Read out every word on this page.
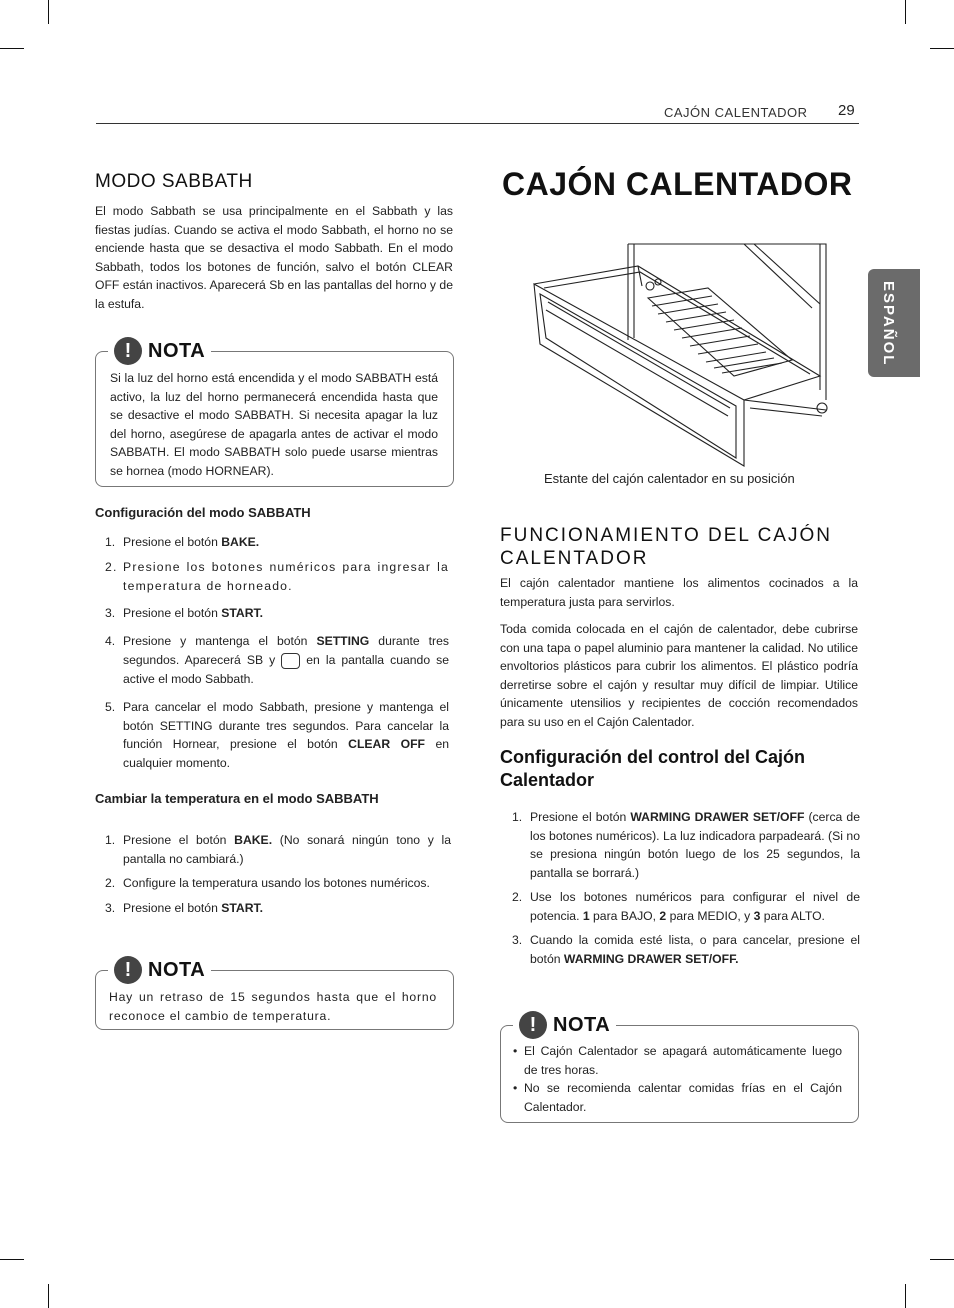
CAJÓN CALENTADOR 29
ESPAÑOL
MODO SABBATH
El modo Sabbath se usa principalmente en el Sabbath y las fiestas judías. Cuando se activa el modo Sabbath, el horno no se enciende hasta que se desactiva el modo Sabbath. En el modo Sabbath, todos los botones de función, salvo el botón CLEAR OFF están inactivos. Aparecerá Sb en las pantallas del horno y de la estufa.
! NOTA
Si la luz del horno está encendida y el modo SABBATH está activo, la luz del horno permanecerá encendida hasta que se desactive el modo SABBATH. Si necesita apagar la luz del horno, asegúrese de apagarla antes de activar el modo SABBATH. El modo SABBATH solo puede usarse mientras se hornea (modo HORNEAR).
Configuración del modo SABBATH
1. Presione el botón BAKE.
2. Presione los botones numéricos para ingresar la temperatura de horneado.
3. Presione el botón START.
4. Presione y mantenga el botón SETTING durante tres segundos. Aparecerá SB y	en la pantalla cuando se active el modo Sabbath.
5. Para cancelar el modo Sabbath, presione y mantenga el botón SETTING durante tres segundos. Para cancelar la función Hornear, presione el botón CLEAR OFF en cualquier momento.
Cambiar la temperatura en el modo SABBATH
1. Presione el botón BAKE. (No sonará ningún tono y la pantalla no cambiará.)
2. Configure la temperatura usando los botones numéricos.
3. Presione el botón START.
! NOTA
Hay un retraso de 15 segundos hasta que el horno reconoce el cambio de temperatura.
CAJÓN CALENTADOR
Estante del cajón calentador en su posición
FUNCIONAMIENTO DEL CAJÓN CALENTADOR
El cajón calentador mantiene los alimentos cocinados a la temperatura justa para servirlos.
Toda comida colocada en el cajón de calentador, debe cubrirse con una tapa o papel aluminio para mantener la calidad. No utilice envoltorios plásticos para cubrir los alimentos. El plástico podría derretirse sobre el cajón y resultar muy difícil de limpiar. Utilice únicamente utensilios y recipientes de cocción recomendados para su uso en el Cajón Calentador.
Configuración del control del Cajón Calentador
1. Presione el botón WARMING DRAWER SET/OFF (cerca de los botones numéricos). La luz indicadora parpadeará. (Si no se presiona ningún botón luego de los 25 segundos, la pantalla se borrará.)
2. Use los botones numéricos para configurar el nivel de potencia. 1 para BAJO, 2 para MEDIO, y 3 para ALTO.
3. Cuando la comida esté lista, o para cancelar, presione el botón WARMING DRAWER SET/OFF.
! NOTA
• El Cajón Calentador se apagará automáticamente luego de tres horas.
• No se recomienda calentar comidas frías en el Cajón Calentador.
